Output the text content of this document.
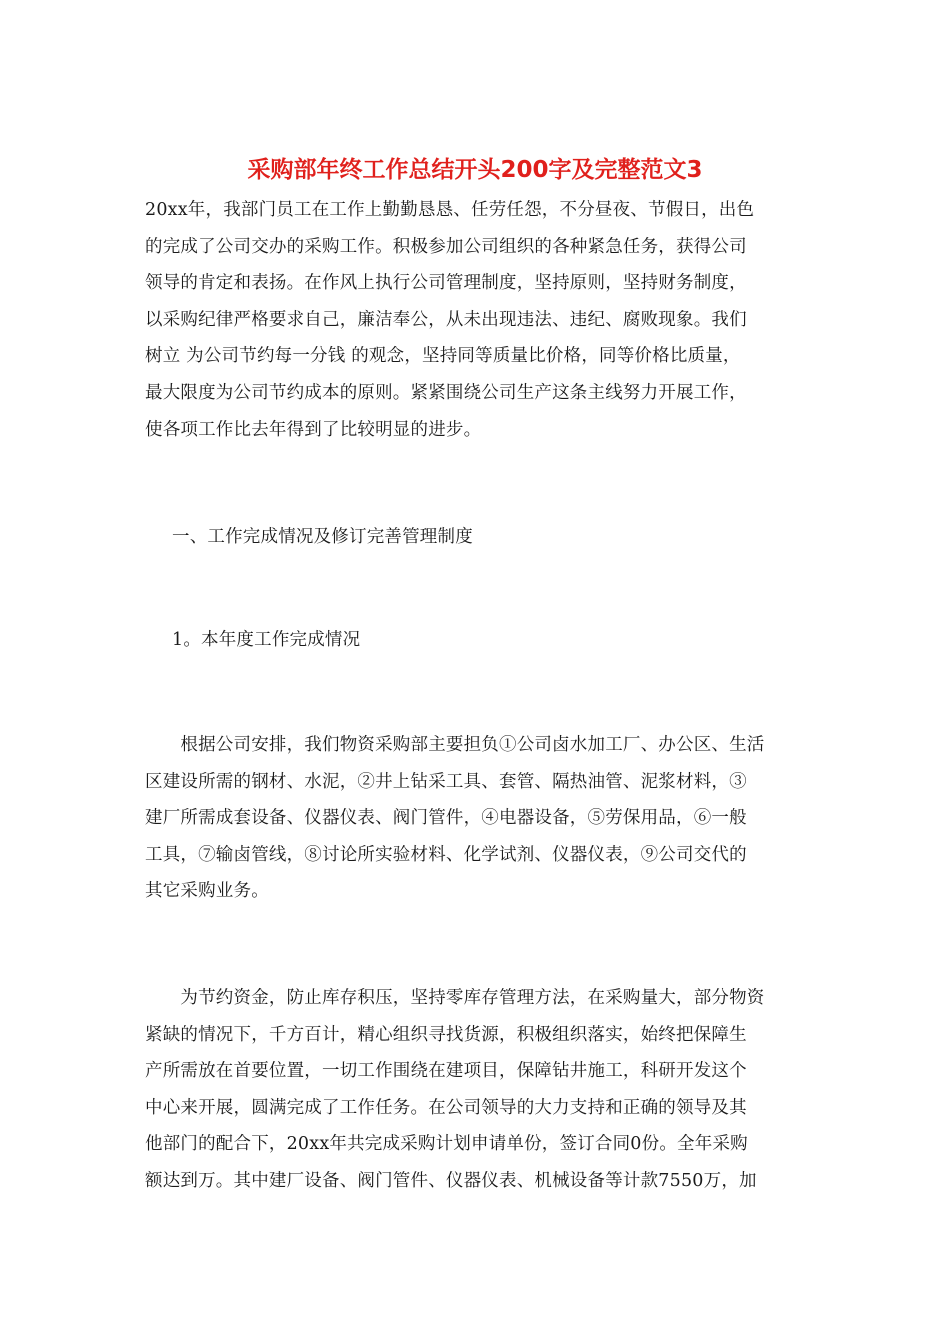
采购部年终工作总结开头200字及完整范文3
20xx年，我部门员工在工作上勤勤恳恳、任劳任怨，不分昼夜、节假日，出色
的完成了公司交办的采购工作。积极参加公司组织的各种紧急任务，获得公司
领导的肯定和表扬。在作风上执行公司管理制度，坚持原则，坚持财务制度，
以采购纪律严格要求自己，廉洁奉公，从未出现违法、违纪、腐败现象。我们
树立 为公司节约每一分钱 的观念，坚持同等质量比价格，同等价格比质量，
最大限度为公司节约成本的原则。紧紧围绕公司生产这条主线努力开展工作，
使各项工作比去年得到了比较明显的进步。
一、工作完成情况及修订完善管理制度
1。本年度工作完成情况
　　根据公司安排，我们物资采购部主要担负①公司卤水加工厂、办公区、生活
区建设所需的钢材、水泥，②井上钻采工具、套管、隔热油管、泥浆材料，③
建厂所需成套设备、仪器仪表、阀门管件，④电器设备，⑤劳保用品，⑥一般
工具，⑦输卤管线，⑧讨论所实验材料、化学试剂、仪器仪表，⑨公司交代的
其它采购业务。
　　为节约资金，防止库存积压，坚持零库存管理方法，在采购量大，部分物资
紧缺的情况下，千方百计，精心组织寻找货源，积极组织落实，始终把保障生
产所需放在首要位置，一切工作围绕在建项目，保障钻井施工，科研开发这个
中心来开展，圆满完成了工作任务。在公司领导的大力支持和正确的领导及其
他部门的配合下，20xx年共完成采购计划申请单份，签订合同0份。全年采购
额达到万。其中建厂设备、阀门管件、仪器仪表、机械设备等计款7550万，加
